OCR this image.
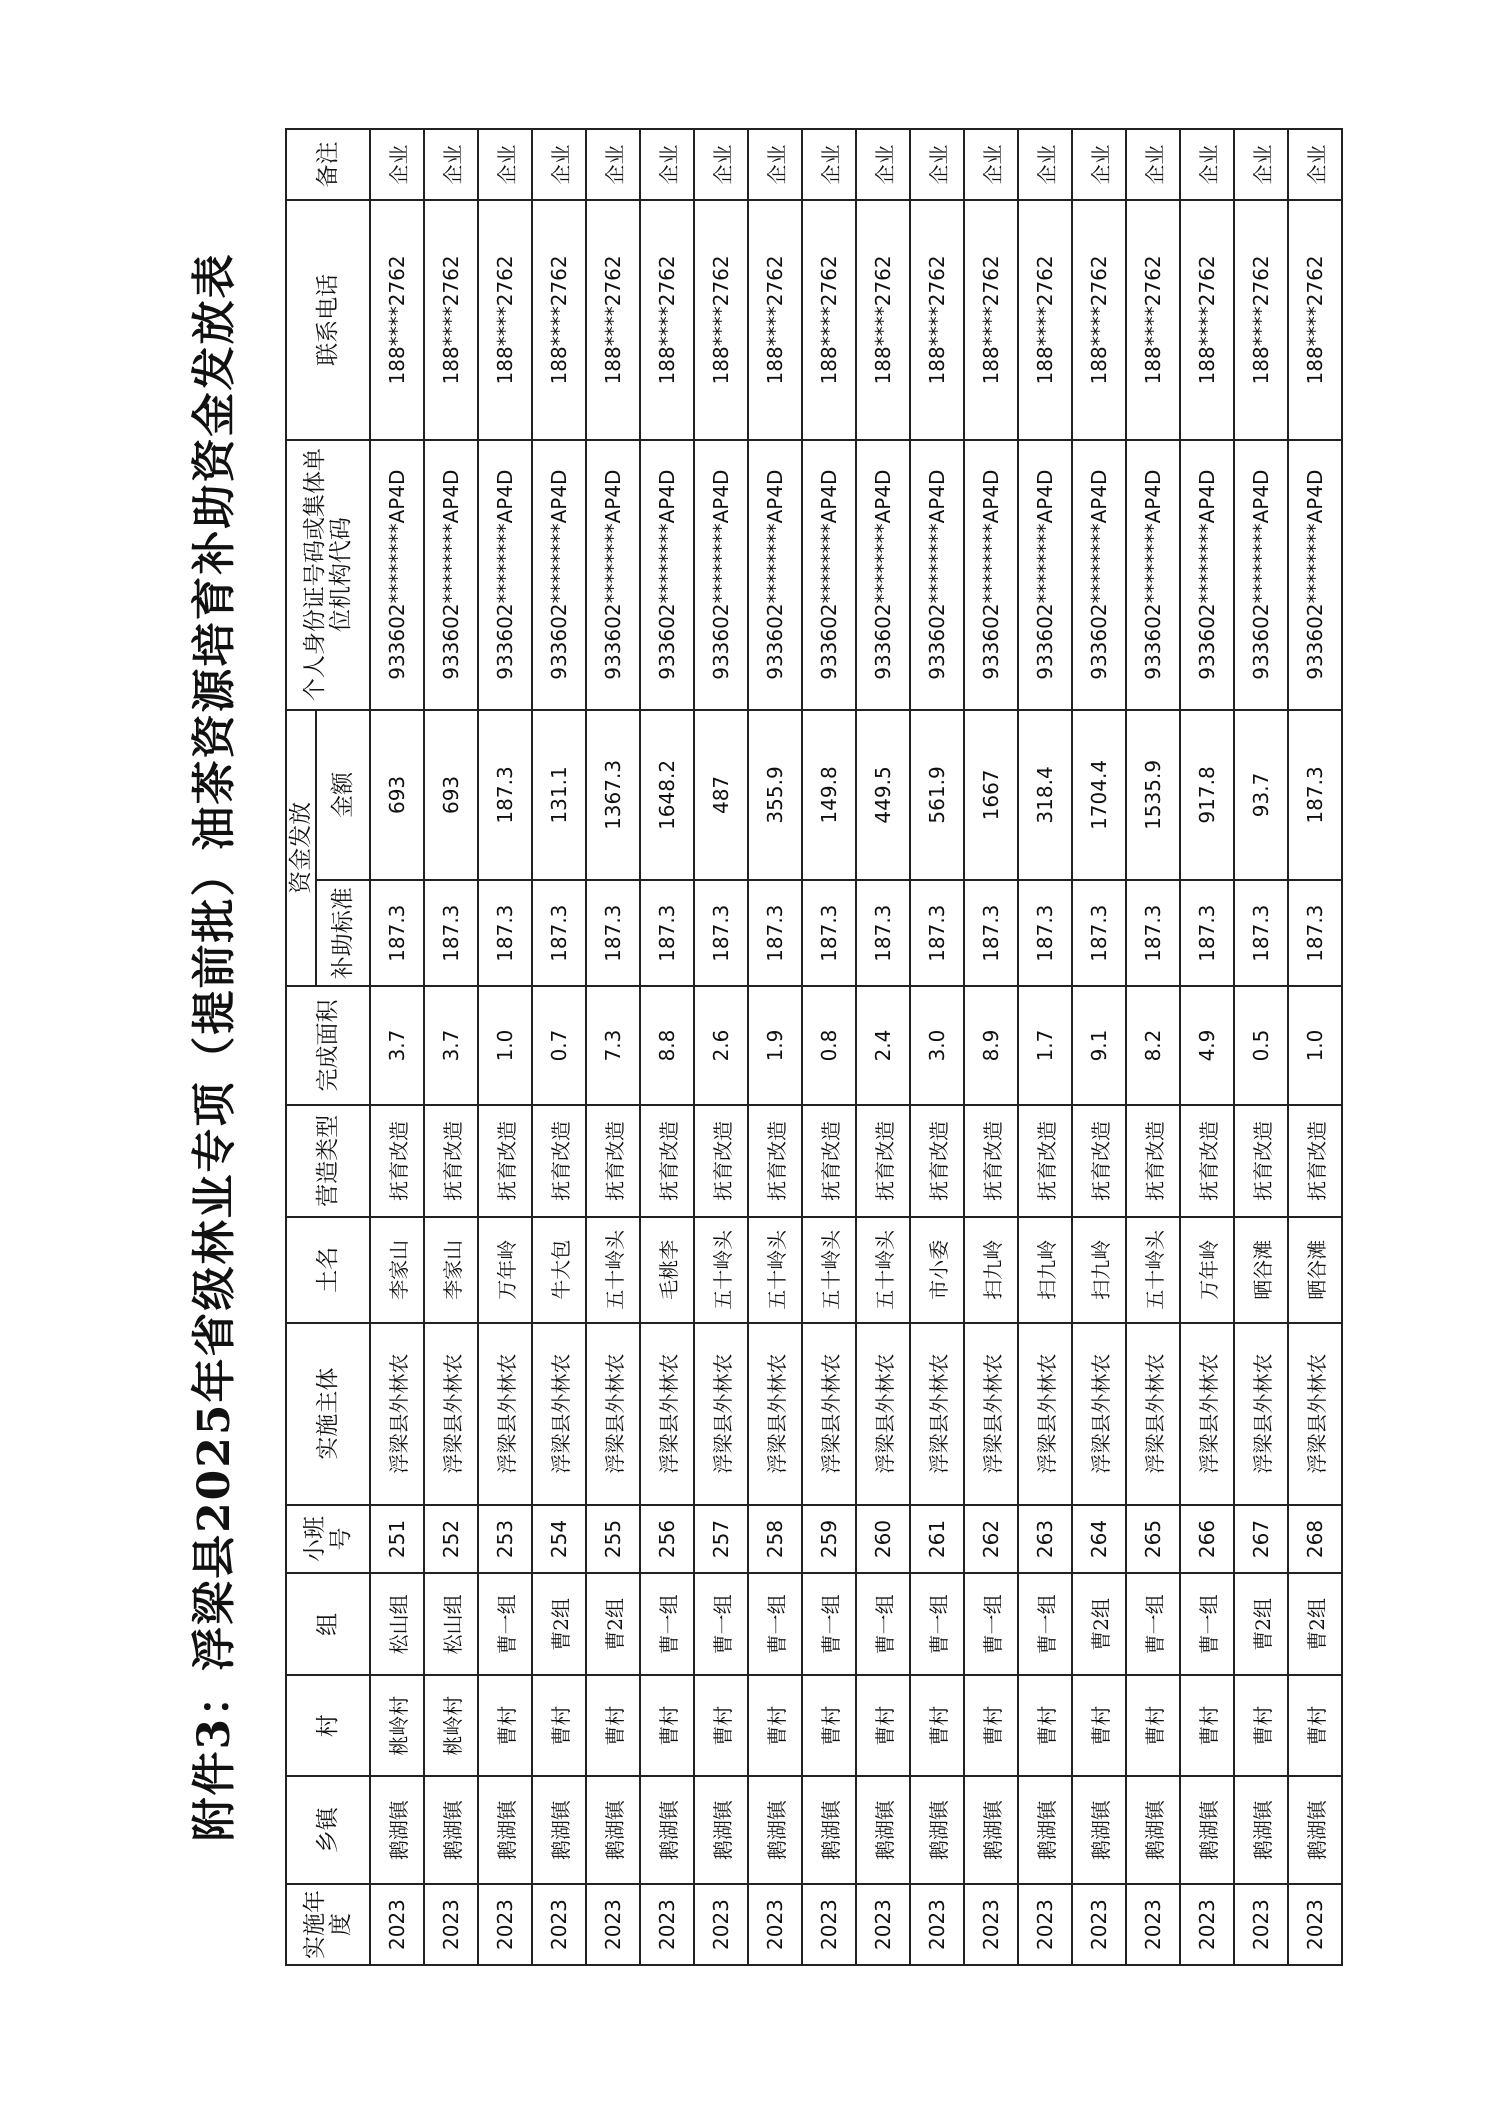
附件3：浮梁县2025年省级林业专项（提前批）油茶资源培育补助资金发放表
实施年度	乡镇	村	组	小班号	实施主体	土名	营造类型	完成面积	资金发放		个人身份证号码或集体单位机构代码	联系电话	备注
									补助标准	金额			
2023	鹅湖镇	桃岭村	松山组	251	浮梁县外林农	李家山	抚育改造	3.7	187.3	693	933602********AP4D	188****2762	企业
2023	鹅湖镇	桃岭村	松山组	252	浮梁县外林农	李家山	抚育改造	3.7	187.3	693	933602********AP4D	188****2762	企业
2023	鹅湖镇	曹村	曹一组	253	浮梁县外林农	万年岭	抚育改造	1.0	187.3	187.3	933602********AP4D	188****2762	企业
2023	鹅湖镇	曹村	曹2组	254	浮梁县外林农	牛大包	抚育改造	0.7	187.3	131.1	933602********AP4D	188****2762	企业
2023	鹅湖镇	曹村	曹2组	255	浮梁县外林农	五十岭头	抚育改造	7.3	187.3	1367.3	933602********AP4D	188****2762	企业
2023	鹅湖镇	曹村	曹一组	256	浮梁县外林农	毛桃李	抚育改造	8.8	187.3	1648.2	933602********AP4D	188****2762	企业
2023	鹅湖镇	曹村	曹一组	257	浮梁县外林农	五十岭头	抚育改造	2.6	187.3	487	933602********AP4D	188****2762	企业
2023	鹅湖镇	曹村	曹一组	258	浮梁县外林农	五十岭头	抚育改造	1.9	187.3	355.9	933602********AP4D	188****2762	企业
2023	鹅湖镇	曹村	曹一组	259	浮梁县外林农	五十岭头	抚育改造	0.8	187.3	149.8	933602********AP4D	188****2762	企业
2023	鹅湖镇	曹村	曹一组	260	浮梁县外林农	五十岭头	抚育改造	2.4	187.3	449.5	933602********AP4D	188****2762	企业
2023	鹅湖镇	曹村	曹一组	261	浮梁县外林农	市小委	抚育改造	3.0	187.3	561.9	933602********AP4D	188****2762	企业
2023	鹅湖镇	曹村	曹一组	262	浮梁县外林农	扫九岭	抚育改造	8.9	187.3	1667	933602********AP4D	188****2762	企业
2023	鹅湖镇	曹村	曹一组	263	浮梁县外林农	扫九岭	抚育改造	1.7	187.3	318.4	933602********AP4D	188****2762	企业
2023	鹅湖镇	曹村	曹2组	264	浮梁县外林农	扫九岭	抚育改造	9.1	187.3	1704.4	933602********AP4D	188****2762	企业
2023	鹅湖镇	曹村	曹一组	265	浮梁县外林农	五十岭头	抚育改造	8.2	187.3	1535.9	933602********AP4D	188****2762	企业
2023	鹅湖镇	曹村	曹一组	266	浮梁县外林农	万年岭	抚育改造	4.9	187.3	917.8	933602********AP4D	188****2762	企业
2023	鹅湖镇	曹村	曹2组	267	浮梁县外林农	晒谷滩	抚育改造	0.5	187.3	93.7	933602********AP4D	188****2762	企业
2023	鹅湖镇	曹村	曹2组	268	浮梁县外林农	晒谷滩	抚育改造	1.0	187.3	187.3	933602********AP4D	188****2762	企业
